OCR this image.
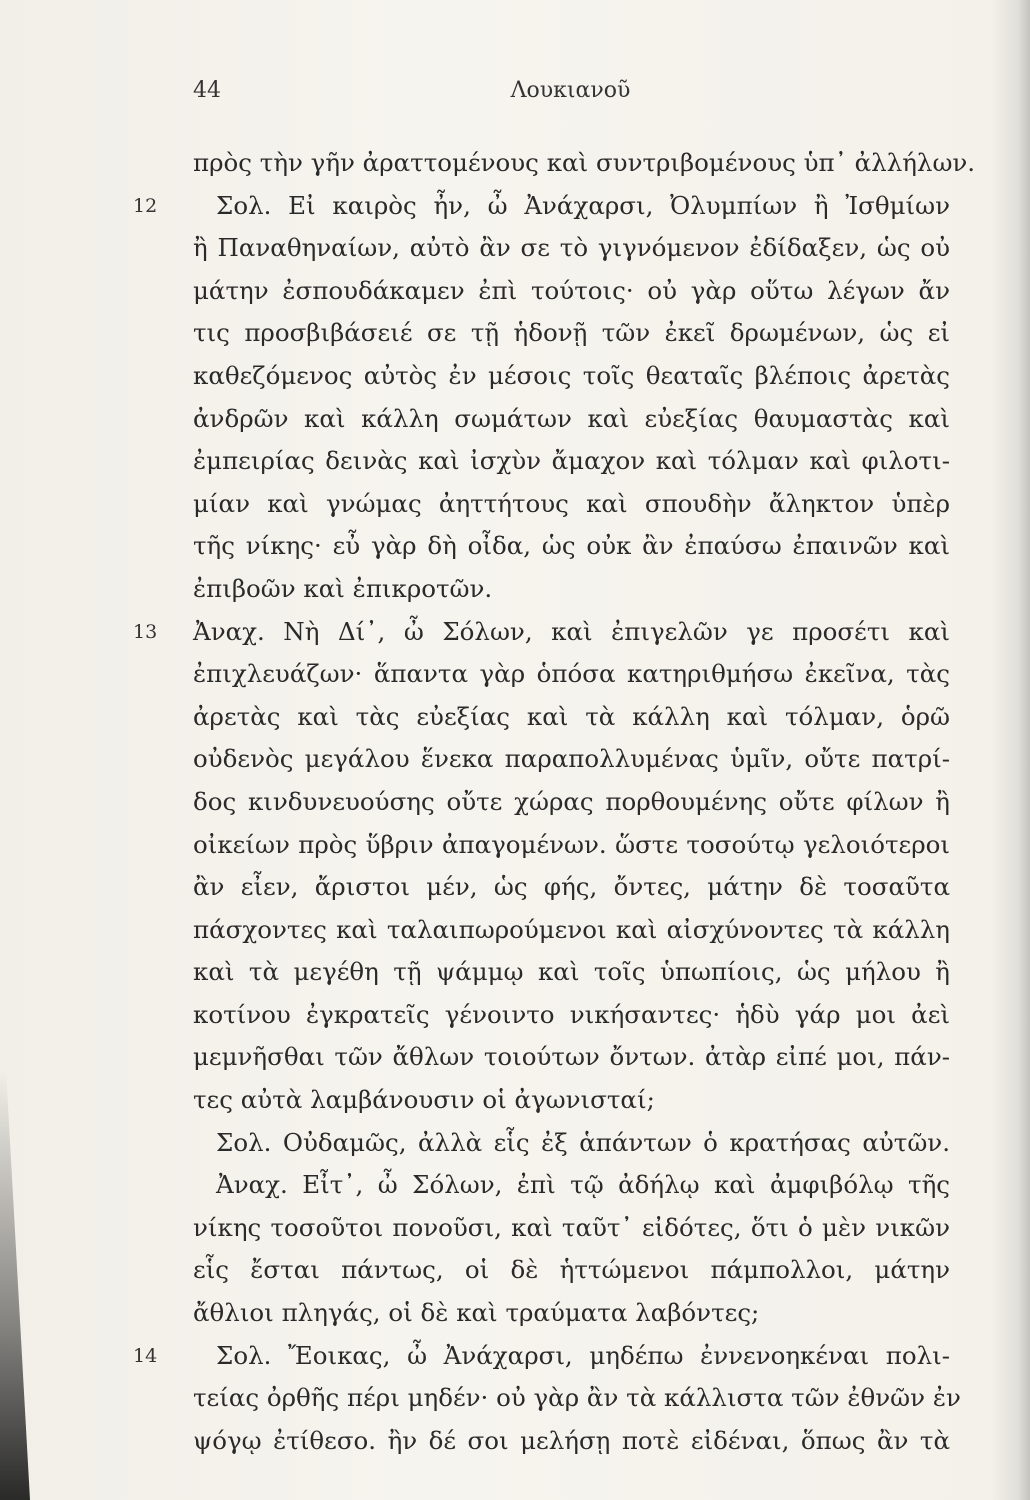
44	Λουκιανοῦ
πρὸς τὴν γῆν ἀραττομένους καὶ συντριβομένους ὑπ᾽ ἀλλήλων.
12	Σολ. Εἰ καιρὸς ἦν, ὦ Ἀνάχαρσι, Ὀλυμπίων ἢ Ἰσθμίων
ἢ Παναθηναίων, αὐτὸ ἂν σε τὸ γιγνόμενον ἐδίδαξεν, ὡς οὐ
μάτην ἐσπουδάκαμεν ἐπὶ τούτοις· οὐ γὰρ οὕτω λέγων ἄν
τις προσβιβάσειέ σε τῇ ἡδονῇ τῶν ἐκεῖ δρωμένων, ὡς εἰ
καθεζόμενος αὐτὸς ἐν μέσοις τοῖς θεαταῖς βλέποις ἀρετὰς
ἀνδρῶν καὶ κάλλη σωμάτων καὶ εὐεξίας θαυμαστὰς καὶ
ἐμπειρίας δεινὰς καὶ ἰσχὺν ἄμαχον καὶ τόλμαν καὶ φιλοτι-
μίαν καὶ γνώμας ἀηττήτους καὶ σπουδὴν ἄληκτον ὑπὲρ
τῆς νίκης· εὖ γὰρ δὴ οἶδα, ὡς οὐκ ἂν ἐπαύσω ἐπαινῶν καὶ
ἐπιβοῶν καὶ ἐπικροτῶν.
13 Ἀναχ. Νὴ Δί᾽, ὦ Σόλων, καὶ ἐπιγελῶν γε προσέτι καὶ
ἐπιχλευάζων· ἅπαντα γὰρ ὁπόσα κατηριθμήσω ἐκεῖνα, τὰς
ἀρετὰς καὶ τὰς εὐεξίας καὶ τὰ κάλλη καὶ τόλμαν, ὁρῶ
οὐδενὸς μεγάλου ἕνεκα παραπολλυμένας ὑμῖν, οὔτε πατρί-
δος κινδυνευούσης οὔτε χώρας πορθουμένης οὔτε φίλων ἢ
οἰκείων πρὸς ὕβριν ἀπαγομένων. ὥστε τοσούτῳ γελοιότεροι
ἂν εἶεν, ἄριστοι μέν, ὡς φής, ὄντες, μάτην δὲ τοσαῦτα
πάσχοντες καὶ ταλαιπωρούμενοι καὶ αἰσχύνοντες τὰ κάλλη
καὶ τὰ μεγέθη τῇ ψάμμῳ καὶ τοῖς ὑπωπίοις, ὡς μήλου ἢ
κοτίνου ἐγκρατεῖς γένοιντο νικήσαντες· ἡδὺ γάρ μοι ἀεὶ
μεμνῆσθαι τῶν ἄθλων τοιούτων ὄντων. ἀτὰρ εἰπέ μοι, πάν-
τες αὐτὰ λαμβάνουσιν οἱ ἀγωνισταί;
Σολ. Οὐδαμῶς, ἀλλὰ εἷς ἐξ ἁπάντων ὁ κρατήσας αὐτῶν.
Ἀναχ. Εἶτ᾽, ὦ Σόλων, ἐπὶ τῷ ἀδήλῳ καὶ ἀμφιβόλῳ τῆς
νίκης τοσοῦτοι πονοῦσι, καὶ ταῦτ᾽ εἰδότες, ὅτι ὁ μὲν νικῶν
εἷς ἔσται πάντως, οἱ δὲ ἡττώμενοι πάμπολλοι, μάτην
ἄθλιοι πληγάς, οἱ δὲ καὶ τραύματα λαβόντες;
14	Σολ. Ἔοικας, ὦ Ἀνάχαρσι, μηδέπω ἐννενοηκέναι πολι-
τείας ὀρθῆς πέρι μηδέν· οὐ γὰρ ἂν τὰ κάλλιστα τῶν ἐθνῶν ἐν
ψόγῳ ἐτίθεσο. ἢν δέ σοι μελήσῃ ποτὲ εἰδέναι, ὅπως ἂν τὰ
